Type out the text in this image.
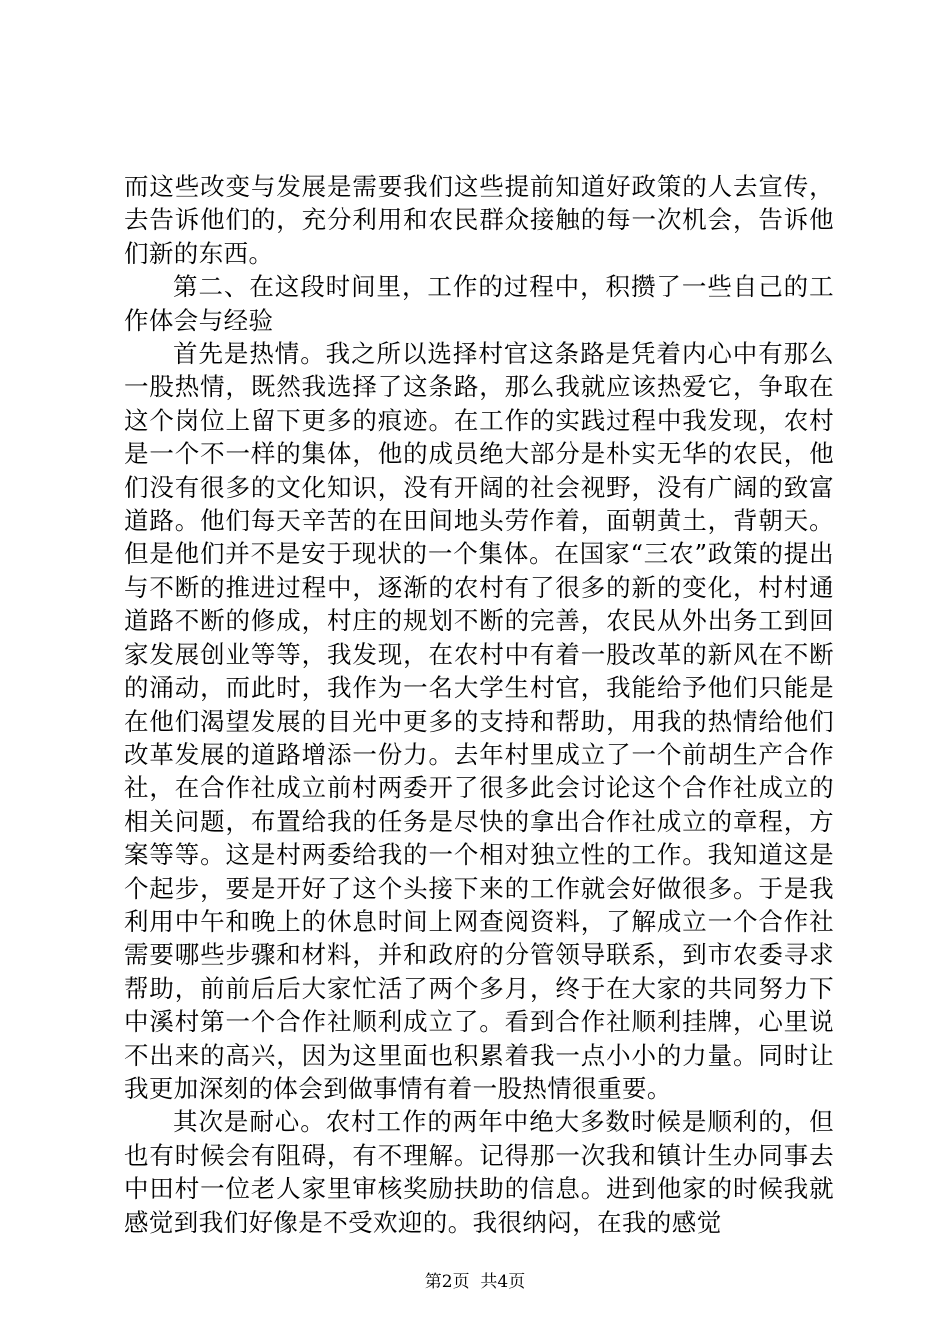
而这些改变与发展是需要我们这些提前知道好政策的人去宣传，去告诉他们的，充分利用和农民群众接触的每一次机会，告诉他们新的东西。

第二、在这段时间里，工作的过程中，积攒了一些自己的工作体会与经验

首先是热情。我之所以选择村官这条路是凭着内心中有那么一股热情，既然我选择了这条路，那么我就应该热爱它，争取在这个岗位上留下更多的痕迹。在工作的实践过程中我发现，农村是一个不一样的集体，他的成员绝大部分是朴实无华的农民，他们没有很多的文化知识，没有开阔的社会视野，没有广阔的致富道路。他们每天辛苦的在田间地头劳作着，面朝黄土，背朝天。但是他们并不是安于现状的一个集体。在国家“三农”政策的提出与不断的推进过程中，逐渐的农村有了很多的新的变化，村村通道路不断的修成，村庄的规划不断的完善，农民从外出务工到回家发展创业等等，我发现，在农村中有着一股改革的新风在不断的涌动，而此时，我作为一名大学生村官，我能给予他们只能是在他们渴望发展的目光中更多的支持和帮助，用我的热情给他们改革发展的道路增添一份力。去年村里成立了一个前胡生产合作社，在合作社成立前村两委开了很多此会讨论这个合作社成立的相关问题，布置给我的任务是尽快的拿出合作社成立的章程，方案等等。这是村两委给我的一个相对独立性的工作。我知道这是个起步，要是开好了这个头接下来的工作就会好做很多。于是我利用中午和晚上的休息时间上网查阅资料，了解成立一个合作社需要哪些步骤和材料，并和政府的分管领导联系，到市农委寻求帮助，前前后后大家忙活了两个多月，终于在大家的共同努力下中溪村第一个合作社顺利成立了。看到合作社顺利挂牌，心里说不出来的高兴，因为这里面也积累着我一点小小的力量。同时让我更加深刻的体会到做事情有着一股热情很重要。

其次是耐心。农村工作的两年中绝大多数时候是顺利的，但也有时候会有阻碍，有不理解。记得那一次我和镇计生办同事去中田村一位老人家里审核奖励扶助的信息。进到他家的时候我就感觉到我们好像是不受欢迎的。我很纳闷，在我的感觉

第2页  共4页
